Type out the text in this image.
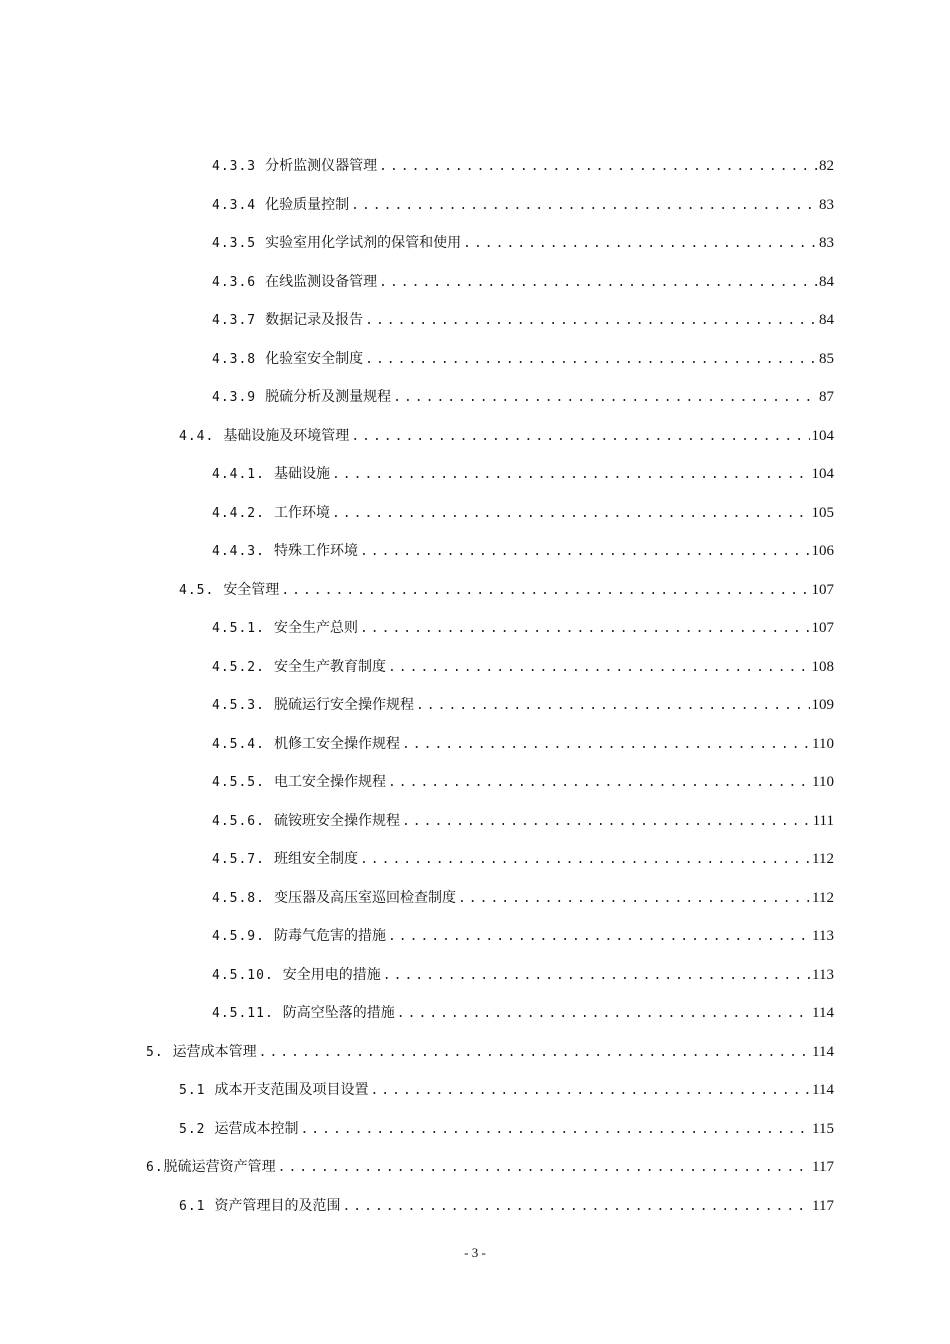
4.3.3 分析监测仪器管理 .....	82
4.3.4 化验质量控制 .....	83
4.3.5 实验室用化学试剂的保管和使用 .....	83
4.3.6 在线监测设备管理 .....	84
4.3.7 数据记录及报告 .....	84
4.3.8 化验室安全制度 .....	85
4.3.9 脱硫分析及测量规程 .....	87
4.4. 基础设施及环境管理 .....	104
4.4.1. 基础设施 .....	104
4.4.2. 工作环境 .....	105
4.4.3. 特殊工作环境 .....	106
4.5. 安全管理 .....	107
4.5.1. 安全生产总则 .....	107
4.5.2. 安全生产教育制度 .....	108
4.5.3. 脱硫运行安全操作规程 .....	109
4.5.4. 机修工安全操作规程 .....	110
4.5.5. 电工安全操作规程 .....	110
4.5.6. 硫铵班安全操作规程 .....	111
4.5.7. 班组安全制度 .....	112
4.5.8. 变压器及高压室巡回检查制度 .....	112
4.5.9. 防毒气危害的措施 .....	113
4.5.10. 安全用电的措施 .....	113
4.5.11. 防高空坠落的措施 .....	114
5. 运营成本管理 .....	114
5.1 成本开支范围及项目设置 .....	114
5.2 运营成本控制 .....	115
6. 脱硫运营资产管理 .....	117
6.1 资产管理目的及范围 .....	117
- 3 -
